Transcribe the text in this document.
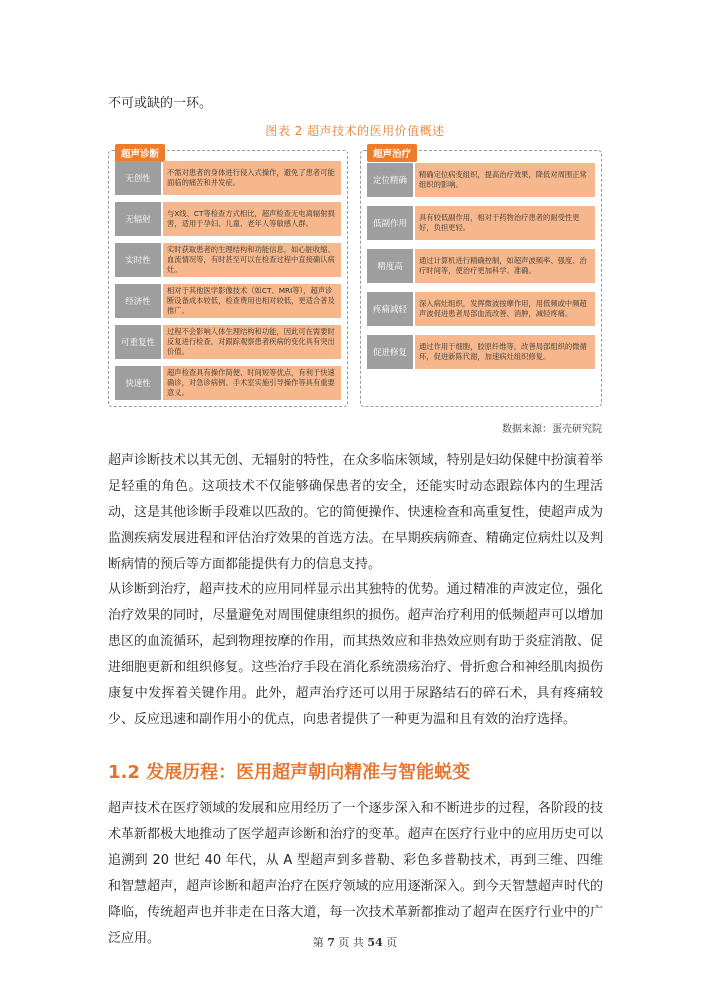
不可或缺的一环。
图表 2 超声技术的医用价值概述
超声诊断
无创性
不需对患者的身体进行侵入式操作，避免了患者可能面临的痛苦和并发症。
无辐射
与X线、CT等检查方式相比，超声检查无电离辐射损害，适用于孕妇、儿童、老年人等敏感人群。
实时性
实时获取患者的生理结构和功能信息，如心脏收缩、血流情况等，有时甚至可以在检查过程中直接确认病灶。
经济性
相对于其他医学影像技术（如CT、MRI等），超声诊断设备成本较低，检查费用也相对较低，更适合普及推广。
可重复性
过程不会影响人体生理结构和功能，因此可在需要时反复进行检查，对跟踪观察患者疾病的变化具有突出价值。
快速性
超声检查具有操作简便、时间短等优点，有利于快速确诊，对急诊病例、手术室实施引导操作等具有重要意义。
超声治疗
定位精确
精确定位病变组织，提高治疗效果，降低对周围正常组织的影响。
低副作用
具有较低副作用，相对于药物治疗患者的耐受性更好，负担更轻。
精度高
通过计算机进行精确控制，如超声波频率、强度、治疗时间等，使治疗更加科学、准确。
疼痛减轻
深入病灶组织，发挥微波按摩作用，用低频或中频超声波促进患者局部血流改善、消肿，减轻疼痛。
促进修复
通过作用于细胞，胶原纤维等，改善局部组织的微循环，促进新陈代谢，加速病灶组织修复。
数据来源：蛋壳研究院
超声诊断技术以其无创、无辐射的特性，在众多临床领域，特别是妇幼保健中扮演着举足轻重的角色。这项技术不仅能够确保患者的安全，还能实时动态跟踪体内的生理活动，这是其他诊断手段难以匹敌的。它的简便操作、快速检查和高重复性，使超声成为监测疾病发展进程和评估治疗效果的首选方法。在早期疾病筛查、精确定位病灶以及判断病情的预后等方面都能提供有力的信息支持。
从诊断到治疗，超声技术的应用同样显示出其独特的优势。通过精准的声波定位，强化治疗效果的同时，尽量避免对周围健康组织的损伤。超声治疗利用的低频超声可以增加患区的血流循环，起到物理按摩的作用，而其热效应和非热效应则有助于炎症消散、促进细胞更新和组织修复。这些治疗手段在消化系统溃疡治疗、骨折愈合和神经肌肉损伤康复中发挥着关键作用。此外，超声治疗还可以用于尿路结石的碎石术，具有疼痛较少、反应迅速和副作用小的优点，向患者提供了一种更为温和且有效的治疗选择。
1.2 发展历程：医用超声朝向精准与智能蜕变
超声技术在医疗领域的发展和应用经历了一个逐步深入和不断进步的过程，各阶段的技术革新都极大地推动了医学超声诊断和治疗的变革。超声在医疗行业中的应用历史可以追溯到 20 世纪 40 年代，从 A 型超声到多普勒、彩色多普勒技术，再到三维、四维和智慧超声，超声诊断和超声治疗在医疗领域的应用逐渐深入。到今天智慧超声时代的降临，传统超声也并非走在日落大道，每一次技术革新都推动了超声在医疗行业中的广泛应用。	第 7 页 共 54 页
